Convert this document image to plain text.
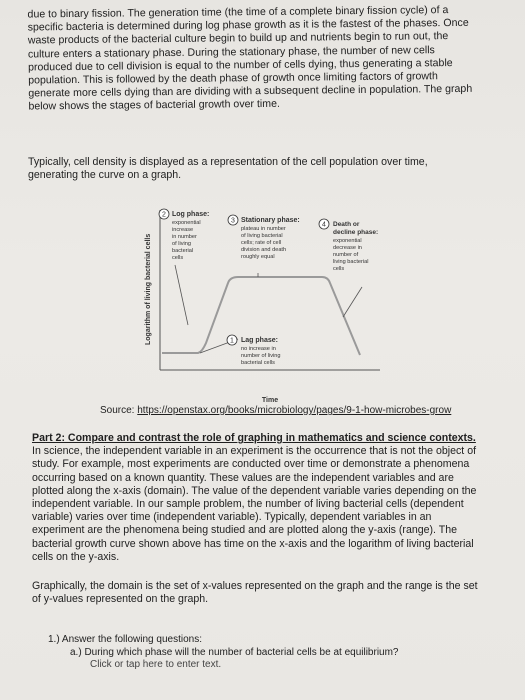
due to binary fission. The generation time (the time of a complete binary fission cycle) of a
specific bacteria is determined during log phase growth as it is the fastest of the phases. Once
waste products of the bacterial culture begin to build up and nutrients begin to run out, the
culture enters a stationary phase. During the stationary phase, the number of new cells
produced due to cell division is equal to the number of cells dying, thus generating a stable
population. This is followed by the death phase of growth once limiting factors of growth
generate more cells dying than are dividing with a subsequent decline in population. The graph
below shows the stages of bacterial growth over time.
Typically, cell density is displayed as a representation of the cell population over time,
generating the curve on a graph.
Logarithm of living bacterial cells
Time
2 Log phase:
exponential
increase
in number
of living
bacterial
cells
3 Stationary phase:
plateau in number
of living bacterial
cells; rate of cell
division and death
roughly equal
4 Death or
decline phase:
exponential
decrease in
number of
living bacterial
cells
1 Lag phase:
no increase in
number of living
bacterial cells
Source: https://openstax.org/books/microbiology/pages/9-1-how-microbes-grow
Part 2: Compare and contrast the role of graphing in mathematics and science contexts.
In science, the independent variable in an experiment is the occurrence that is not the object of
study. For example, most experiments are conducted over time or demonstrate a phenomena
occurring based on a known quantity. These values are the independent variables and are
plotted along the x-axis (domain). The value of the dependent variable varies depending on the
independent variable. In our sample problem, the number of living bacterial cells (dependent
variable) varies over time (independent variable). Typically, dependent variables in an
experiment are the phenomena being studied and are plotted along the y-axis (range). The
bacterial growth curve shown above has time on the x-axis and the logarithm of living bacterial
cells on the y-axis.
Graphically, the domain is the set of x-values represented on the graph and the range is the set
of y-values represented on the graph.
1.) Answer the following questions:
a.) During which phase will the number of bacterial cells be at equilibrium?
Click or tap here to enter text.
